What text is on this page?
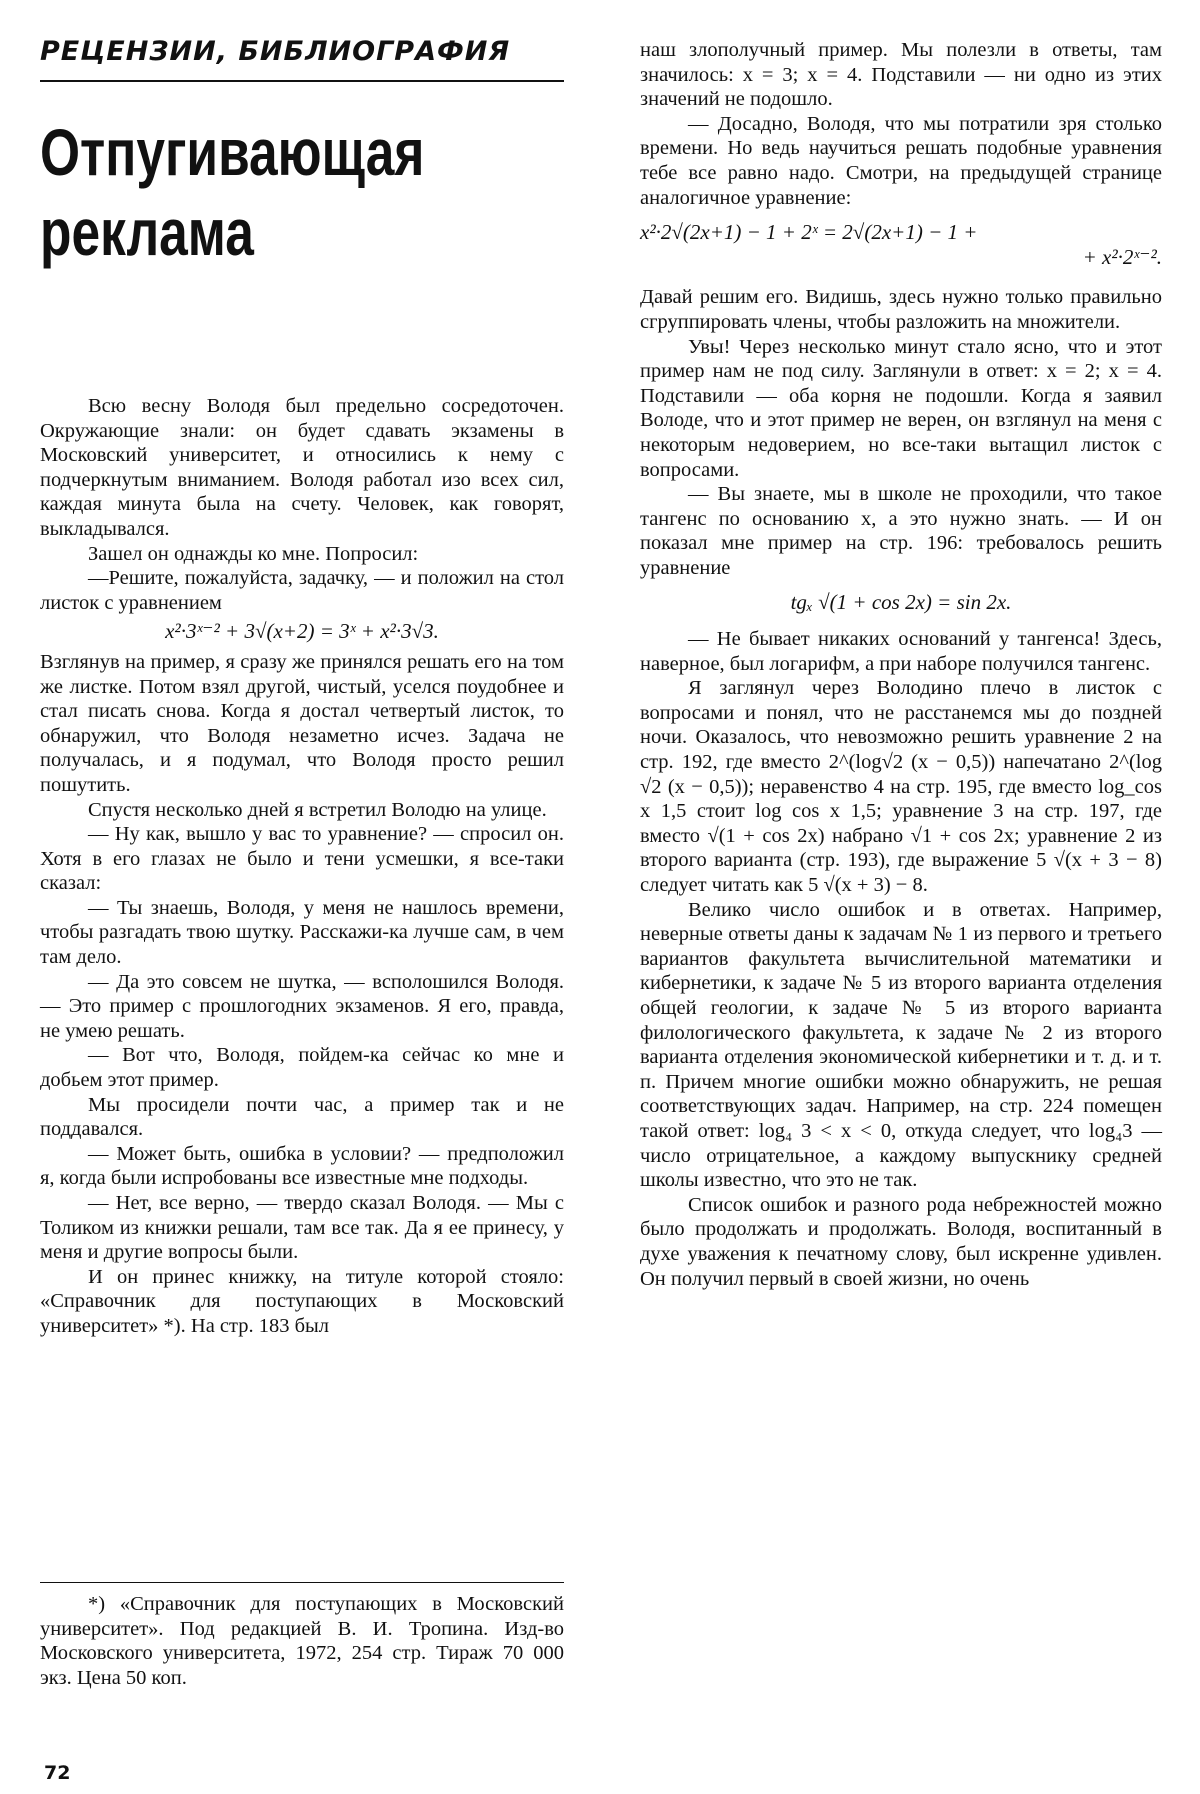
РЕЦЕНЗИИ, БИБЛИОГРАФИЯ
Отпугивающая
реклама

Всю весну Володя был предельно сосредоточен. Окружающие знали: он будет сдавать экзамены в Московский университет, и относились к нему с подчеркнутым вниманием. Володя работал изо всех сил, каждая минута была на счету. Человек, как говорят, выкладывался.

Зашел он однажды ко мне. Попросил:

—Решите, пожалуйста, задачку, — и положил на стол листок с уравнением

x²·3ˣ⁻² + 3√(x+2) = 3ˣ + x²·3√3.

Взглянув на пример, я сразу же принялся решать его на том же листке. Потом взял другой, чистый, уселся поудобнее и стал писать снова. Когда я достал четвертый листок, то обнаружил, что Володя незаметно исчез. Задача не получалась, и я подумал, что Володя просто решил пошутить.

Спустя несколько дней я встретил Володю на улице.

— Ну как, вышло у вас то уравнение? — спросил он. Хотя в его глазах не было и тени усмешки, я все-таки сказал:

— Ты знаешь, Володя, у меня не нашлось времени, чтобы разгадать твою шутку. Расскажи-ка лучше сам, в чем там дело.

— Да это совсем не шутка, — всполошился Володя. — Это пример с прошлогодних экзаменов. Я его, правда, не умею решать.

— Вот что, Володя, пойдем-ка сейчас ко мне и добьем этот пример.

Мы просидели почти час, а пример так и не поддавался.

— Может быть, ошибка в условии? — предположил я, когда были испробованы все известные мне подходы.

— Нет, все верно, — твердо сказал Володя. — Мы с Толиком из книжки решали, там все так. Да я ее принесу, у меня и другие вопросы были.

И он принес книжку, на титуле которой стояло: «Справочник для поступающих в Московский университет» *). На стр. 183 был

*) «Справочник для поступающих в Московский университет». Под редакцией В. И. Тропина. Изд-во Московского университета, 1972, 254 стр. Тираж 70 000 экз. Цена 50 коп.

72

наш злополучный пример. Мы полезли в ответы, там значилось: x = 3; x = 4. Подставили — ни одно из этих значений не подошло.

— Досадно, Володя, что мы потратили зря столько времени. Но ведь научиться решать подобные уравнения тебе все равно надо. Смотри, на предыдущей странице аналогичное уравнение:

x²·2√(2x+1) − 1 + 2ˣ = 2√(2x+1) − 1 +

+ x²·2ˣ⁻².

Давай решим его. Видишь, здесь нужно только правильно сгруппировать члены, чтобы разложить на множители.

Увы! Через несколько минут стало ясно, что и этот пример нам не под силу. Заглянули в ответ: x = 2; x = 4. Подставили — оба корня не подошли. Когда я заявил Володе, что и этот пример не верен, он взглянул на меня с некоторым недоверием, но все-таки вытащил листок с вопросами.

— Вы знаете, мы в школе не проходили, что такое тангенс по основанию x, а это нужно знать. — И он показал мне пример на стр. 196: требовалось решить уравнение

tgₓ √(1 + cos 2x) = sin 2x.

— Не бывает никаких оснований у тангенса! Здесь, наверное, был логарифм, а при наборе получился тангенс.

Я заглянул через Володино плечо в листок с вопросами и понял, что не расстанемся мы до поздней ночи. Оказалось, что невозможно решить уравнение 2 на стр. 192, где вместо 2^(log√2 (x − 0,5)) напечатано 2^(log √2 (x − 0,5)); неравенство 4 на стр. 195, где вместо log_cos x 1,5 стоит log cos x 1,5; уравнение 3 на стр. 197, где вместо √(1 + cos 2x) набрано √1 + cos 2x; уравнение 2 из второго варианта (стр. 193), где выражение 5 √(x + 3 − 8) следует читать как 5 √(x + 3) − 8.

Велико число ошибок и в ответах. Например, неверные ответы даны к задачам № 1 из первого и третьего вариантов факультета вычислительной математики и кибернетики, к задаче № 5 из второго варианта отделения общей геологии, к задаче № 5 из второго варианта филологического факультета, к задаче № 2 из второго варианта отделения экономической кибернетики и т. д. и т. п. Причем многие ошибки можно обнаружить, не решая соответствующих задач. Например, на стр. 224 помещен такой ответ: log₄ 3 < x < 0, откуда следует, что log₄3 — число отрицательное, а каждому выпускнику средней школы известно, что это не так.

Список ошибок и разного рода небрежностей можно было продолжать и продолжать. Володя, воспитанный в духе уважения к печатному слову, был искренне удивлен. Он получил первый в своей жизни, но очень
